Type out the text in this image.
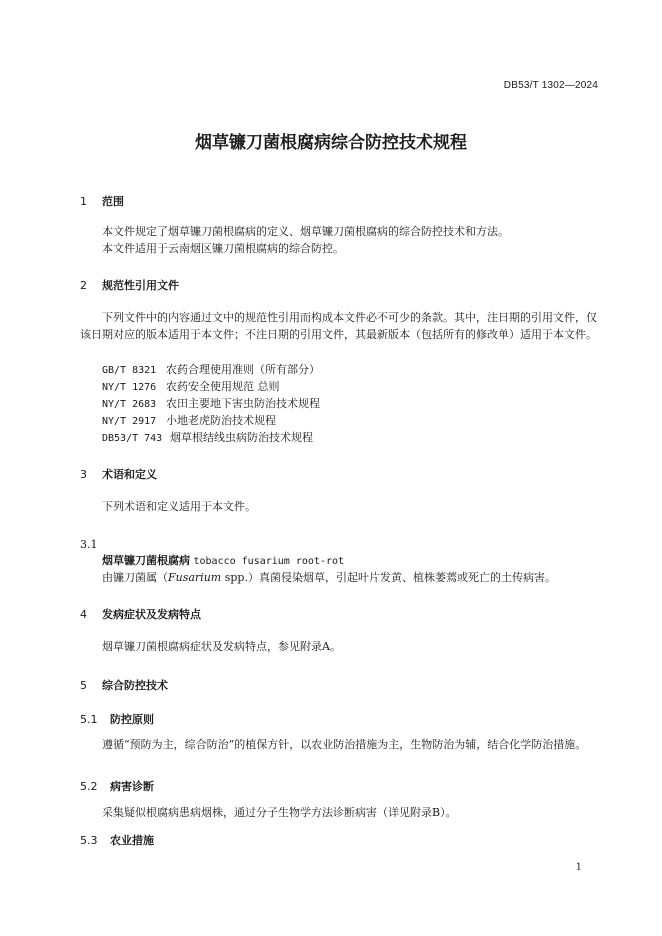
DB53/T 1302—2024
烟草镰刀菌根腐病综合防控技术规程
1 范围
本文件规定了烟草镰刀菌根腐病的定义、烟草镰刀菌根腐病的综合防控技术和方法。
本文件适用于云南烟区镰刀菌根腐病的综合防控。
2 规范性引用文件
下列文件中的内容通过文中的规范性引用而构成本文件必不可少的条款。其中，注日期的引用文件，仅该日期对应的版本适用于本文件；不注日期的引用文件，其最新版本（包括所有的修改单）适用于本文件。
GB/T 8321 农药合理使用准则（所有部分）
NY/T 1276 农药安全使用规范 总则
NY/T 2683 农田主要地下害虫防治技术规程
NY/T 2917 小地老虎防治技术规程
DB53/T 743 烟草根结线虫病防治技术规程
3 术语和定义
下列术语和定义适用于本文件。
3.1
烟草镰刀菌根腐病 tobacco fusarium root-rot
由镰刀菌属（Fusarium spp.）真菌侵染烟草，引起叶片发黄、植株萎蔫或死亡的土传病害。
4 发病症状及发病特点
烟草镰刀菌根腐病症状及发病特点，参见附录A。
5 综合防控技术
5.1 防控原则
遵循“预防为主，综合防治”的植保方针，以农业防治措施为主，生物防治为辅，结合化学防治措施。
5.2 病害诊断
采集疑似根腐病患病烟株，通过分子生物学方法诊断病害（详见附录B）。
5.3 农业措施
1
